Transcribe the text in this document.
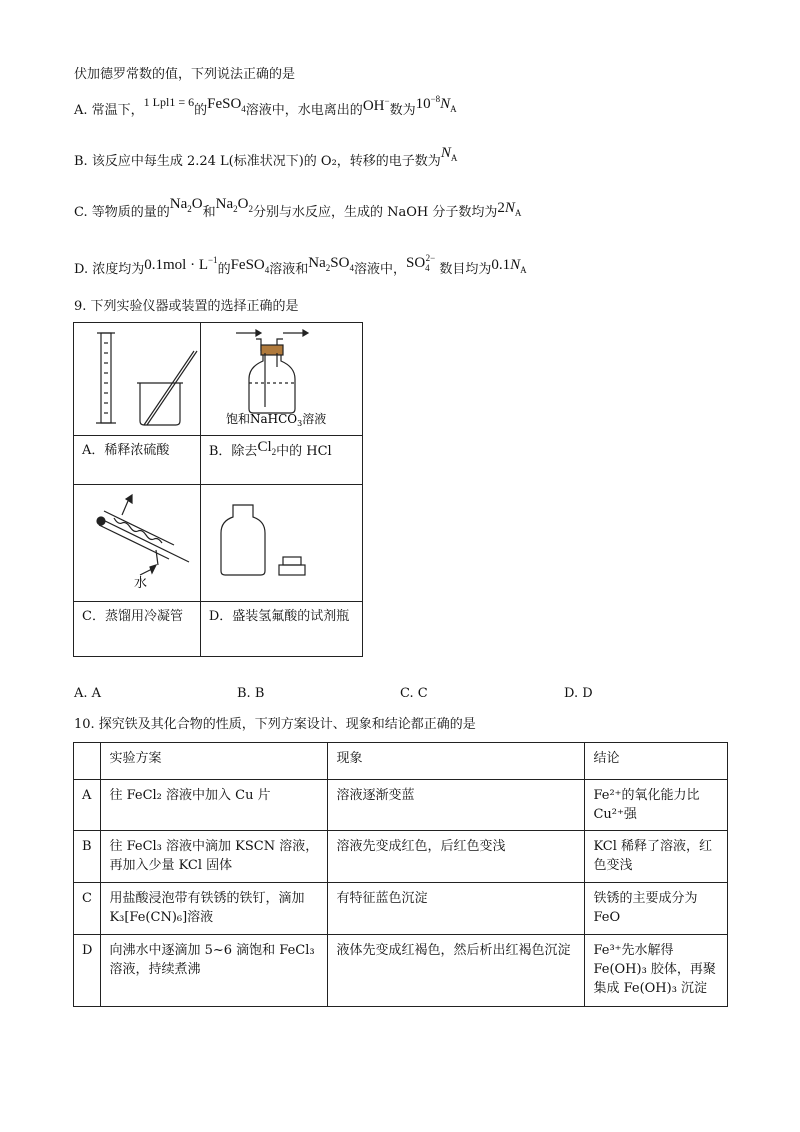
伏加德罗常数的值，下列说法正确的是
A. 常温下，1 Lpl1 = 6的FeSO$_4$溶液中，水电离出的OH−数为$10^{-8}N_A$
B. 该反应中每生成 2.24 L(标准状况下)的 O₂，转移的电子数为$N_A$
C. 等物质的量的$Na_2O$和$Na_2O_2$分别与水反应，生成的 NaOH 分子数均为$2N_A$
D. 浓度均为$0.1mol \cdot L^{-1}$的FeSO$_4$溶液和$Na_2SO_4$溶液中，$SO_4^{2-}$ 数目均为$0.1N_A$
9. 下列实验仪器或装置的选择正确的是

饱和NaHCO$_3$溶液

A．稀释浓硫酸	B．除去$Cl_2$中的 HCl

水

C．蒸馏用冷凝管	D．盛装氢氟酸的试剂瓶
A. A	B. B	C. C	D. D
10. 探究铁及其化合物的性质，下列方案设计、现象和结论都正确的是
	实验方案	现象	结论
A	往 FeCl₂ 溶液中加入 Cu 片	溶液逐渐变蓝	Fe²⁺的氧化能力比 Cu²⁺强
B	往 FeCl₃ 溶液中滴加 KSCN 溶液，再加入少量 KCl 固体	溶液先变成红色，后红色变浅	KCl 稀释了溶液，红色变浅
C	用盐酸浸泡带有铁锈的铁钉，滴加 K₃[Fe(CN)₆]溶液	有特征蓝色沉淀	铁锈的主要成分为 FeO
D	向沸水中逐滴加 5~6 滴饱和 FeCl₃ 溶液，持续煮沸	液体先变成红褐色，然后析出红褐色沉淀	Fe³⁺先水解得 Fe(OH)₃ 胶体，再聚集成 Fe(OH)₃ 沉淀
